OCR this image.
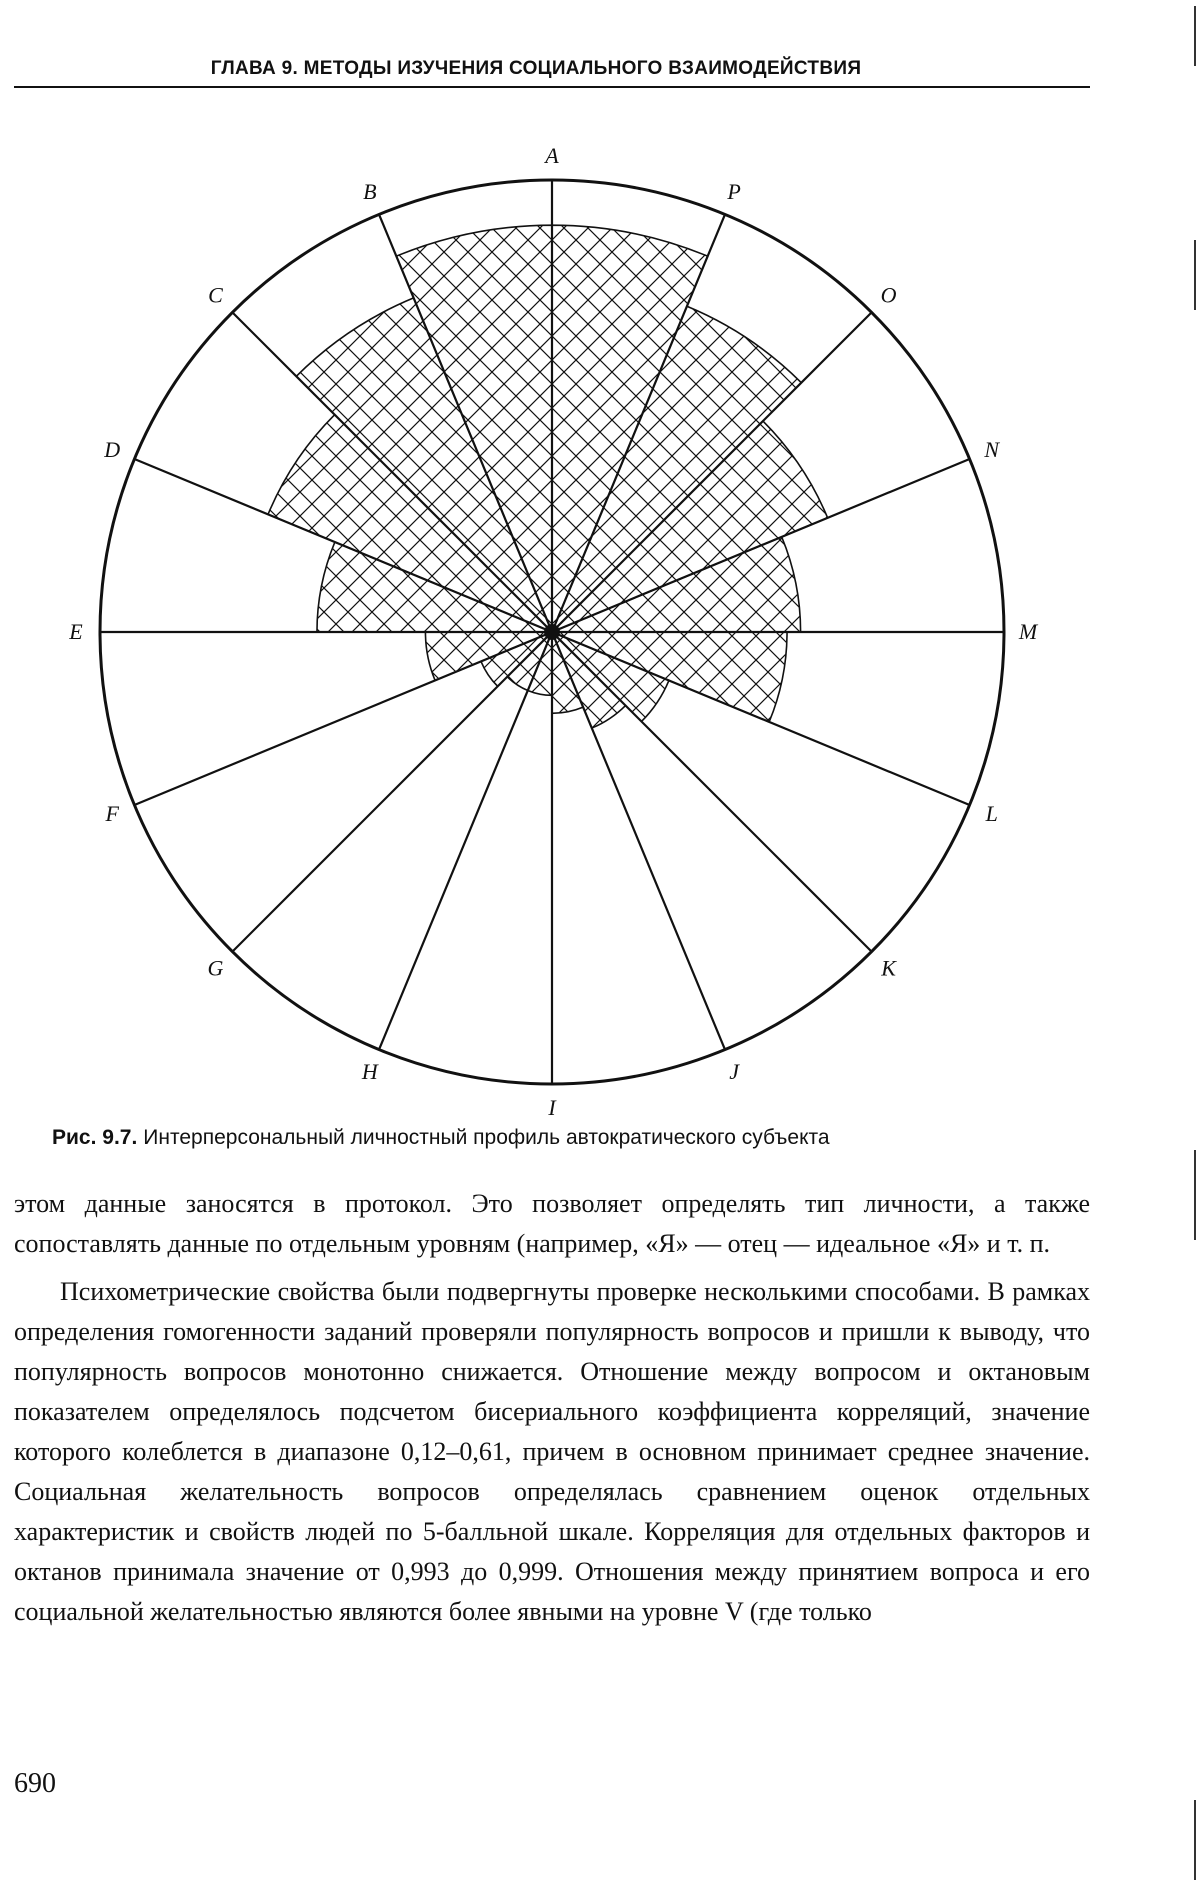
ГЛАВА 9. МЕТОДЫ ИЗУЧЕНИЯ СОЦИАЛЬНОГО ВЗАИМОДЕЙСТВИЯ
A
P
O
N
M
L
K
J
I
H
G
F
E
D
C
B
Рис. 9.7. Интерперсональный личностный профиль автократического субъекта

этом данные заносятся в протокол. Это позволяет определять тип личнос­ти, а также сопоставлять данные по отдельным уровням (например, «Я» — отец — идеальное «Я» и т. п.

Психометрические свойства были подвергнуты проверке несколькими способами. В рамках определения гомогенности заданий проверяли попу­лярность вопросов и пришли к выводу, что популярность вопросов моно­тонно снижается. Отношение между вопросом и октановым показателем определялось подсчетом бисериального коэффициента корреляций, значе­ние которого колеблется в диапазоне 0,12–0,61, причем в основном при­нимает среднее значение. Социальная желательность вопросов определя­лась сравнением оценок отдельных характеристик и свойств людей по 5-балльной шкале. Корреляция для отдельных факторов и октанов прини­мала значение от 0,993 до 0,999. Отношения между принятием вопроса и его социальной желательностью являются более явными на уровне V (где только

690
